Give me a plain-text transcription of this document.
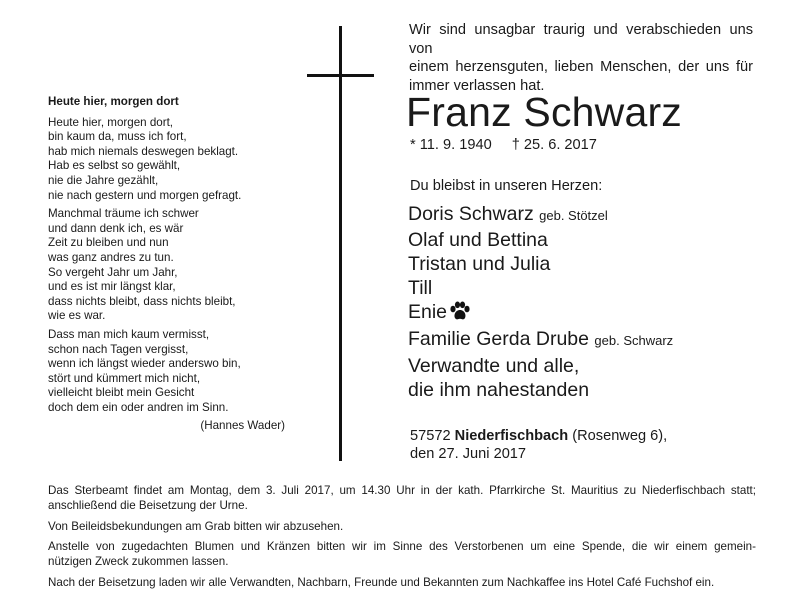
Heute hier, morgen dort
Heute hier, morgen dort,
bin kaum da, muss ich fort,
hab mich niemals deswegen beklagt.
Hab es selbst so gewählt,
nie die Jahre gezählt,
nie nach gestern und morgen gefragt.
Manchmal träume ich schwer
und dann denk ich, es wär
Zeit zu bleiben und nun
was ganz andres zu tun.
So vergeht Jahr um Jahr,
und es ist mir längst klar,
dass nichts bleibt, dass nichts bleibt,
wie es war.
Dass man mich kaum vermisst,
schon nach Tagen vergisst,
wenn ich längst wieder anderswo bin,
stört und kümmert mich nicht,
vielleicht bleibt mein Gesicht
doch dem ein oder andren im Sinn.
(Hannes Wader)
Wir sind unsagbar traurig und verabschieden uns von
einem herzensguten, lieben Menschen, der uns für
immer verlassen hat.
Franz Schwarz
* 11. 9. 1940 † 25. 6. 2017
Du bleibst in unseren Herzen:
Doris Schwarz geb. Stötzel
Olaf und Bettina
Tristan und Julia
Till
Enie
Familie Gerda Drube geb. Schwarz
Verwandte und alle,
die ihm nahestanden
57572 Niederfischbach (Rosenweg 6),
den 27. Juni 2017

Das Sterbeamt findet am Montag, dem 3. Juli 2017, um 14.30 Uhr in der kath. Pfarrkirche St. Mauritius zu Niederfischbach statt;
anschließend die Beisetzung der Urne.

Von Beileidsbekundungen am Grab bitten wir abzusehen.

Anstelle von zugedachten Blumen und Kränzen bitten wir im Sinne des Verstorbenen um eine Spende, die wir einem gemein-
nützigen Zweck zukommen lassen.

Nach der Beisetzung laden wir alle Verwandten, Nachbarn, Freunde und Bekannten zum Nachkaffee ins Hotel Café Fuchshof ein.
